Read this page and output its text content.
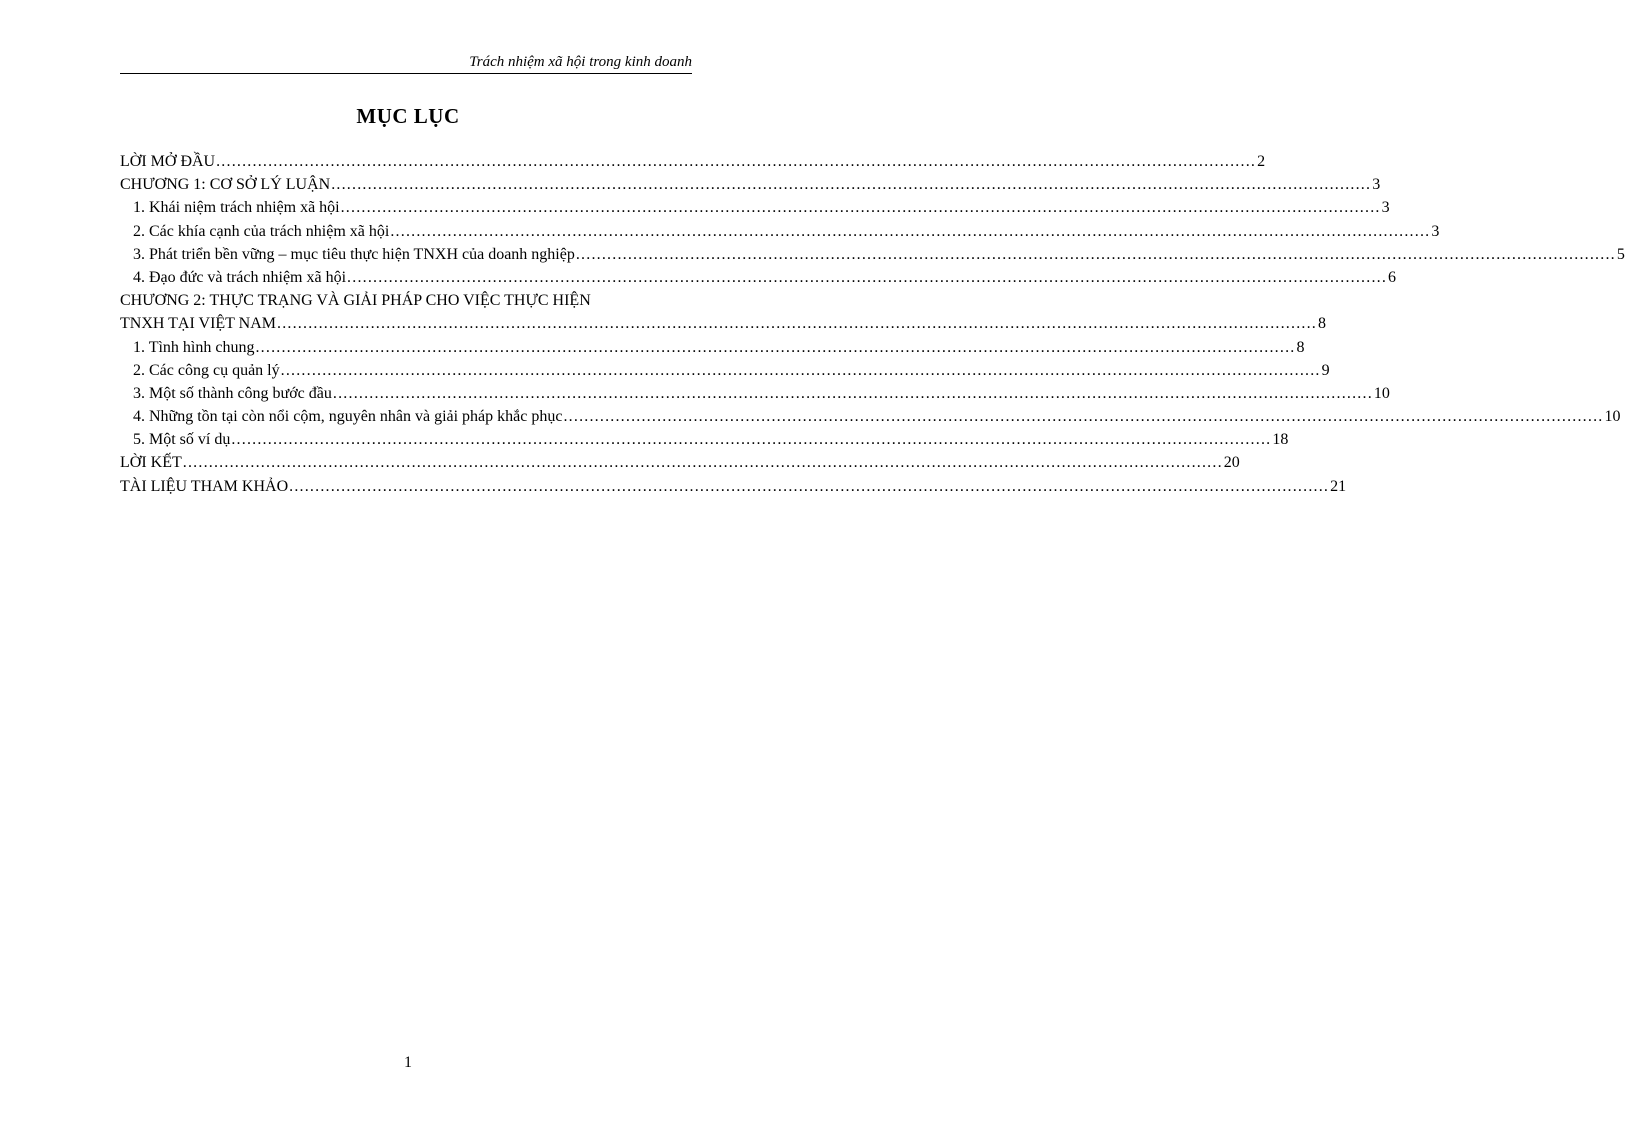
Trách nhiệm xã hội trong kinh doanh
MỤC LỤC
LỜI MỞ ĐẦU ........................................................................................................................................................................................................ 2
CHƯƠNG 1: CƠ SỞ LÝ LUẬN ........................................................................................................................................................................................................ 3
1. Khái niệm trách nhiệm xã hội ........................................................................................................................................................................................................ 3
2. Các khía cạnh của trách nhiệm xã hội ........................................................................................................................................................................................................ 3
3. Phát triển bền vững – mục tiêu thực hiện TNXH của doanh nghiệp ........................................................................................................................................................................................................ 5
4. Đạo đức và trách nhiệm xã hội ........................................................................................................................................................................................................ 6
CHƯƠNG 2: THỰC TRẠNG VÀ GIẢI PHÁP CHO VIỆC THỰC HIỆN
TNXH TẠI VIỆT NAM ........................................................................................................................................................................................................ 8
1. Tình hình chung ........................................................................................................................................................................................................ 8
2. Các công cụ quản lý ........................................................................................................................................................................................................ 9
3. Một số thành công bước đầu ........................................................................................................................................................................................................ 10
4. Những tồn tại còn nổi cộm, nguyên nhân và giải pháp khắc phục ........................................................................................................................................................................................................ 10
5. Một số ví dụ ........................................................................................................................................................................................................ 18
LỜI KẾT ........................................................................................................................................................................................................ 20
TÀI LIỆU THAM KHẢO ........................................................................................................................................................................................................ 21
1
